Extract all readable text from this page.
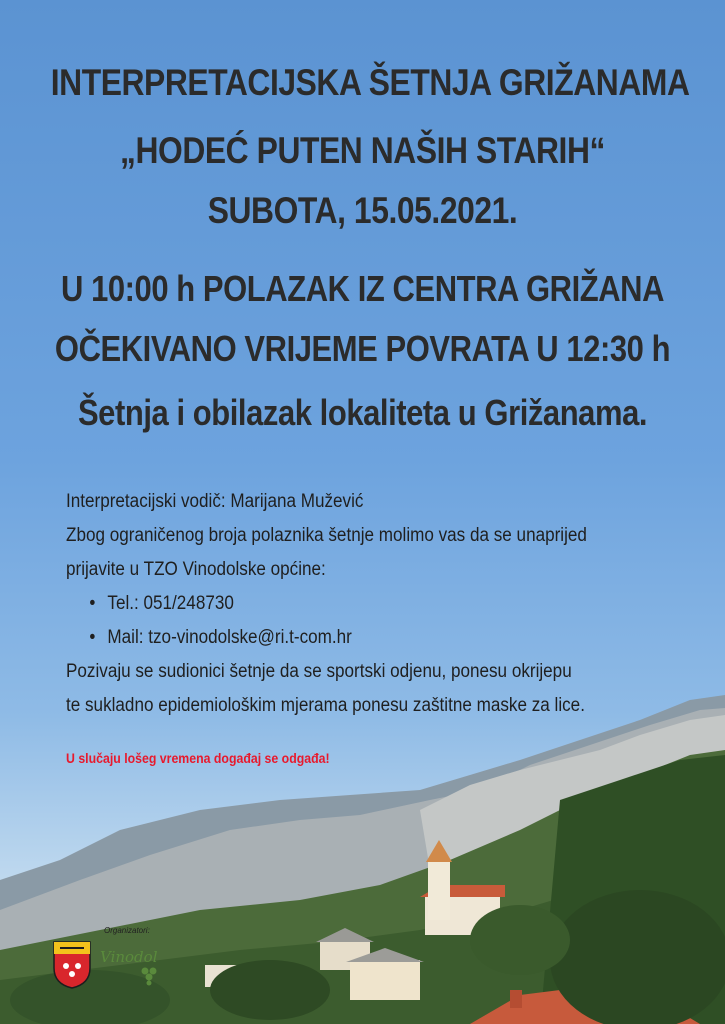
INTERPRETACIJSKA ŠETNJA GRIŽANAMA
„HODEĆ PUTEN NAŠIH STARIH“
SUBOTA, 15.05.2021.
U 10:00 h POLAZAK IZ CENTRA GRIŽANA
OČEKIVANO VRIJEME POVRATA U 12:30 h
Šetnja i obilazak lokaliteta u Grižanama.

Interpretacijski vodič: Marijana Mužević

Zbog ograničenog broja polaznika šetnje molimo vas da se unaprijed

prijavite u TZO Vinodolske općine:

• Tel.: 051/248730
• Mail: tzo-vinodolske@ri.t-com.hr

Pozivaju se sudionici šetnje da se sportski odjenu, ponesu okrijepu

te sukladno epidemiološkim mjerama ponesu zaštitne maske za lice.

U slučaju lošeg vremena događaj se odgađa!
Organizatori:
Vinodol
